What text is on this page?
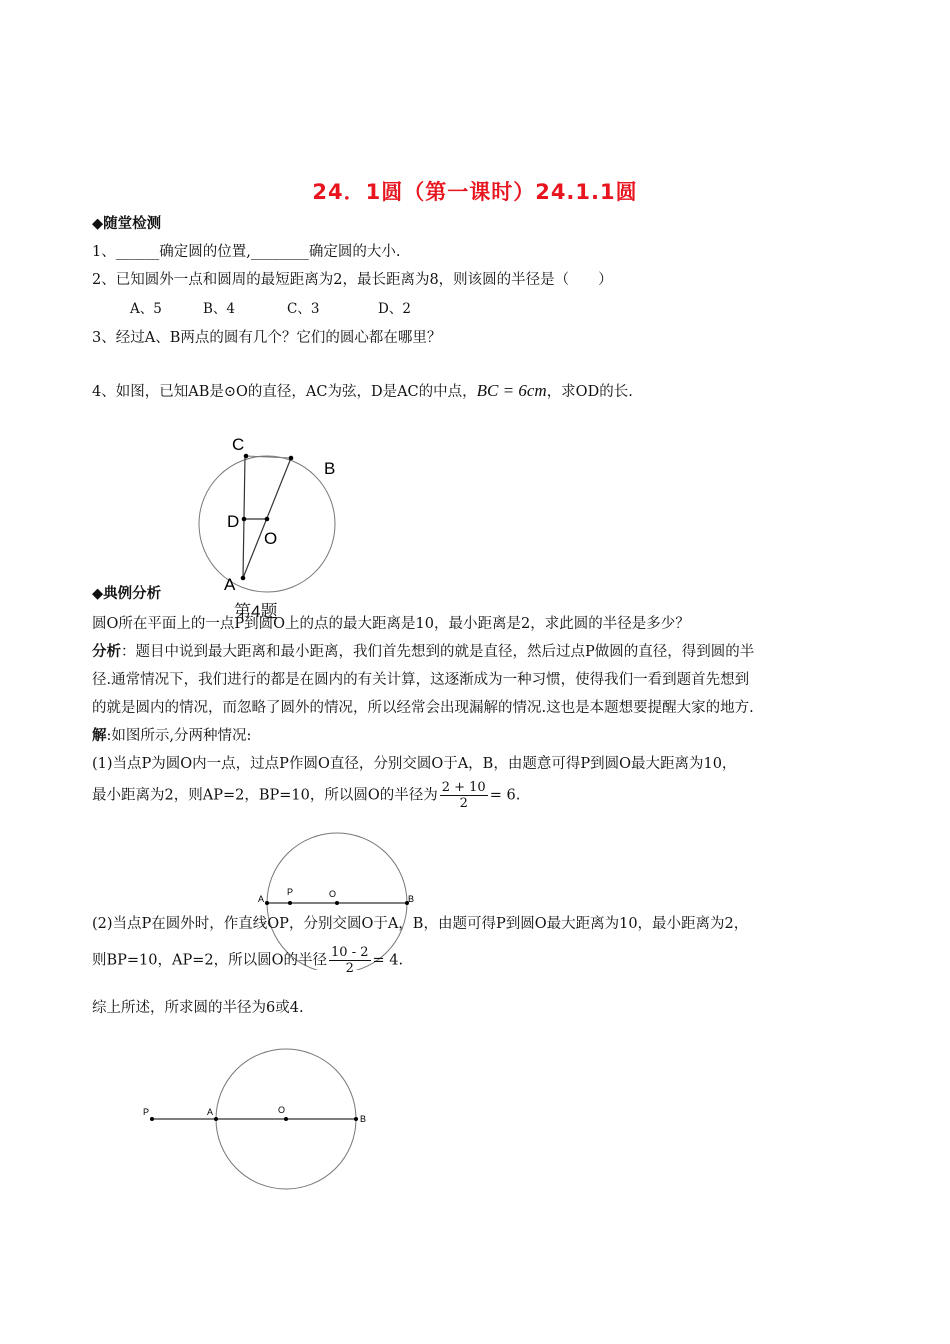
24．1圆（第一课时）24.1.1圆
◆随堂检测
1、______确定圆的位置,________确定圆的大小.
2、已知圆外一点和圆周的最短距离为2，最长距离为8，则该圆的半径是（　　）
A、5	B、4	C、3	D、2
3、经过A、B两点的圆有几个？它们的圆心都在哪里？
4、如图，已知AB是⊙O的直径，AC为弦，D是AC的中点，BC = 6cm，求OD的长.
C
B
D
O
A
◆典例分析
第4题
圆O所在平面上的一点P到圆O上的点的最大距离是10，最小距离是2，求此圆的半径是多少？
分析：题目中说到最大距离和最小距离，我们首先想到的就是直径，然后过点P做圆的直径，得到圆的半
径.通常情况下，我们进行的都是在圆内的有关计算，这逐渐成为一种习惯，使得我们一看到题首先想到
的就是圆内的情况，而忽略了圆外的情况，所以经常会出现漏解的情况.这也是本题想要提醒大家的地方.
解:如图所示,分两种情况:
(1)当点P为圆O内一点，过点P作圆O直径，分别交圆O于A，B，由题意可得P到圆O最大距离为10，
最小距离为2，则AP=2，BP=10，所以圆O的半径为 $\frac{2 + 10}{2} = 6$.
A
P	O	B
(2)当点P在圆外时，作直线OP，分别交圆O于A，B，由题可得P到圆O最大距离为10，最小距离为2，
则BP=10，AP=2，所以圆O的半径 $\frac{10 - 2}{2} = 4$.
综上所述，所求圆的半径为6或4.
P	A	O
B
